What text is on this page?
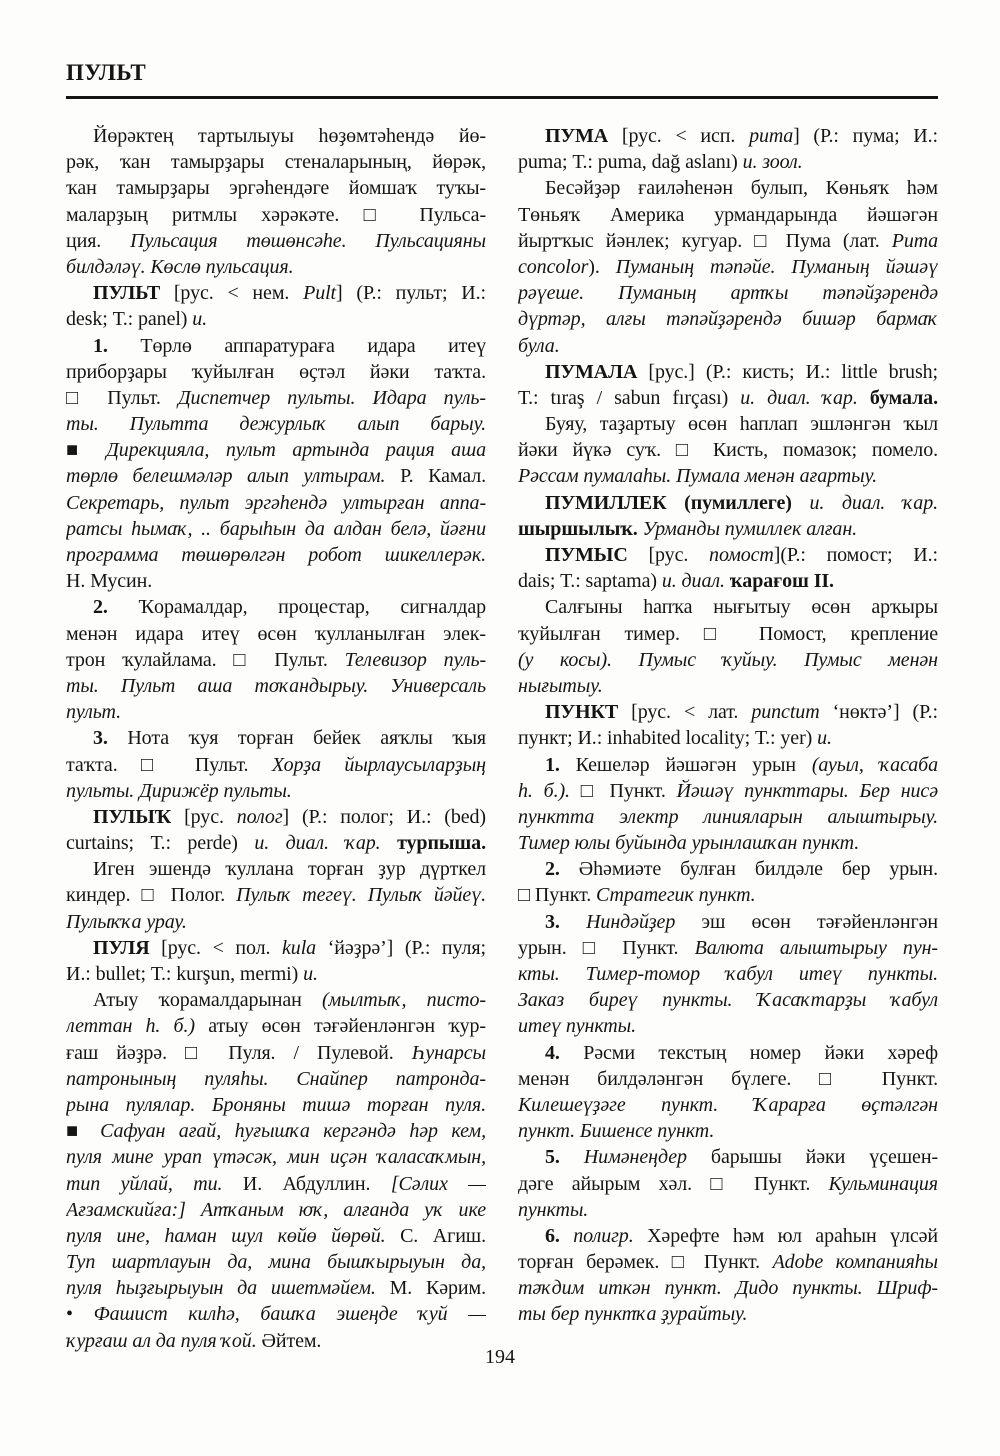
ПУЛЬТ
Йөрәктең тартылыуы һөҙөмтәһендә йө-
рәк, ҡан тамырҙары стеналарының, йөрәк,
ҡан тамырҙары эргәһендәге йомшаҡ туҡы-
маларҙың ритмлы хәрәкәте. □ Пульса-
ция. Пульсация төшөнсәһе. Пульсацияны
билдәләү. Көслө пульсация.
ПУЛЬТ [рус. < нем. Pult] (Р.: пульт; И.:
desk; Т.: panel) и.
1. Төрлө аппаратураға идара итеү
приборҙары ҡуйылған өҫтәл йәки таҡта.
□ Пульт. Диспетчер пульты. Идара пуль-
ты. Пультта дежурлыҡ алып барыу.
■ Дирекцияла, пульт артында рация аша
төрлө белешмәләр алып ултырам. Р. Камал.
Секретарь, пульт эргәһендә ултырған аппа-
ратсы һымаҡ, .. барыһын да алдан белә, йәғни
программа төшөрөлгән робот шикеллерәк.
Н. Мусин.
2. Ҡорамалдар, процестар, сигналдар
менән идара итеү өсөн ҡулланылған элек-
трон ҡулайлама. □ Пульт. Телевизор пуль-
ты. Пульт аша тоҡандырыу. Универсаль
пульт.
3. Нота ҡуя торған бейек аяҡлы ҡыя
таҡта. □ Пульт. Хорҙа йырлаусыларҙың
пульты. Дирижёр пульты.
ПУЛЫҠ [рус. полог] (Р.: полог; И.: (bed)
curtains; Т.: perde) и. диал. ҡар. турпыша.
Иген эшендә ҡуллана торған ҙур дүрткел
киндер. □ Полог. Пулыҡ тегеү. Пулыҡ йәйеү.
Пулыҡҡа урау.
ПУЛЯ [рус. < пол. kula ‘йәҙрә’] (Р.: пуля;
И.: bullet; Т.: kurşun, mermi) и.
Атыу ҡорамалдарынан (мылтыҡ, писто-
леттан һ. б.) атыу өсөн тәғәйенләнгән ҡур-
ғаш йәҙрә. □ Пуля. / Пулевой. Һунарсы
патронының пуляһы. Снайпер патронда-
рына пулялар. Броняны тишә торған пуля.
■ Сафуан ағай, һуғышҡа кергәндә һәр кем,
пуля мине урап үтәсәк, мин иҫән ҡаласаҡмын,
тип уйлай, ти. И. Абдуллин. [Сәлих —
Ағзамскийға:] Атҡаным юҡ, алғанда уҡ ике
пуля ине, һаман шул көйө йөрөй. С. Агиш.
Туп шартлауын да, мина бышҡырыуын да,
пуля һыҙғырыуын да ишетмәйем. М. Кәрим.
• Фашист килһә, башҡа эшеңде ҡуй —
ҡурғаш ал да пуля ҡой. Әйтем.
ПУМА [рус. < исп. puma] (Р.: пума; И.:
puma; Т.: puma, dağ aslanı) и. зоол.
Бесәйҙәр ғаиләһенән булып, Көньяҡ һәм
Төньяҡ Америка урмандарында йәшәгән
йыртҡыс йәнлек; кугуар. □ Пума (лат. Puma
concolor). Пуманың тәпәйе. Пуманың йәшәү
рәүеше. Пуманың артҡы тәпәйҙәрендә
дүртәр, алғы тәпәйҙәрендә бишәр бармаҡ
була.
ПУМАЛА [рус.] (Р.: кисть; И.: little brush;
Т.: tıraş / sabun fırçası) и. диал. ҡар. бумала.
Буяу, таҙартыу өсөн һаплап эшләнгән ҡыл
йәки йүкә суҡ. □ Кисть, помазок; помело.
Рәссам пумалаһы. Пумала менән ағартыу.
ПУМИЛЛЕК (пумиллеге) и. диал. ҡар.
шыршылыҡ. Урманды пумиллек алған.
ПУМЫС [рус. помост](Р.: помост; И.:
dais; Т.: saptama) и. диал. ҡарағош II.
Салғыны һапҡа нығытыу өсөн арҡыры
ҡуйылған тимер. □ Помост, крепление
(у косы). Пумыс ҡуйыу. Пумыс менән
нығытыу.
ПУНКТ [рус. < лат. punctum ‘нөктә’] (Р.:
пункт; И.: inhabited locality; Т.: yer) и.
1. Кешеләр йәшәгән урын (ауыл, ҡасаба
һ. б.). □ Пункт. Йәшәү пункттары. Бер нисә
пунктта электр линияларын алыштырыу.
Тимер юлы буйында урынлашҡан пункт.
2. Әһәмиәте булған билдәле бер урын.
□ Пункт. Стратегик пункт.
3. Ниндәйҙер эш өсөн тәғәйенләнгән
урын. □ Пункт. Валюта алыштырыу пун-
кты. Тимер-томор ҡабул итеү пункты.
Заказ биреү пункты. Ҡасаҡтарҙы ҡабул
итеү пункты.
4. Рәсми текстың номер йәки хәреф
менән билдәләнгән бүлеге. □ Пункт.
Килешеүҙәге пункт. Ҡарарға өҫтәлгән
пункт. Бишенсе пункт.
5. Нимәнеңдер барышы йәки үҫешен-
дәге айырым хәл. □ Пункт. Кульминация
пункты.
6. полигр. Хәрефте һәм юл араһын үлсәй
торған берәмек. □ Пункт. Adobe компанияһы
тәҡдим иткән пункт. Дидо пункты. Шриф-
ты бер пунктҡа ҙурайтыу.
194
